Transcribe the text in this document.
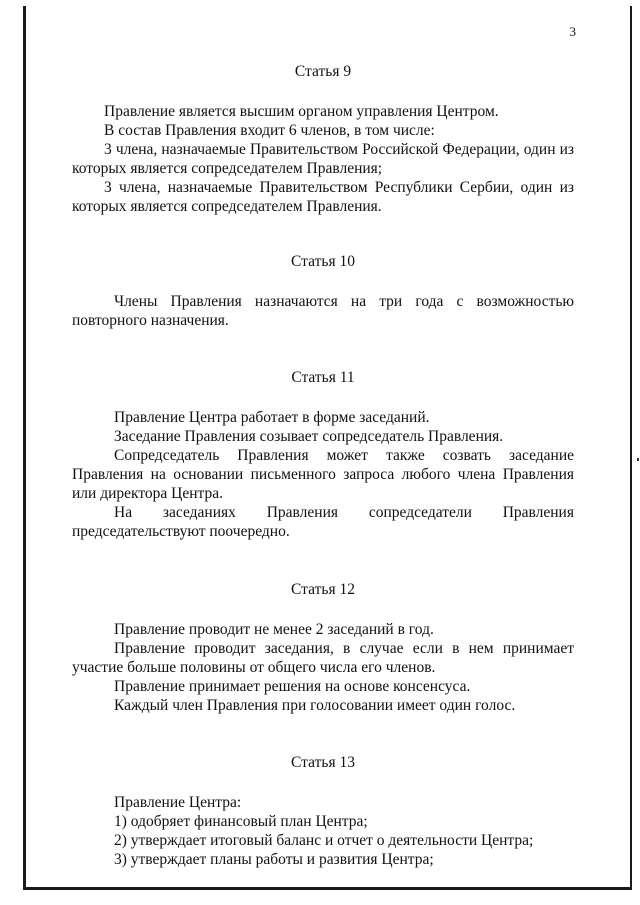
3
Статья 9

Правление является высшим органом управления Центром.

В состав Правления входит 6 членов, в том числе:

3 члена, назначаемые Правительством Российской Федерации, один из которых является сопредседателем Правления;

3 члена, назначаемые Правительством Республики Сербии, один из которых является сопредседателем Правления.

Статья 10

Члены Правления назначаются на три года с возможностью повторного назначения.

Статья 11

Правление Центра работает в форме заседаний.

Заседание Правления созывает сопредседатель Правления.

Сопредседатель Правления может также созвать заседание Правления на основании письменного запроса любого члена Правления или директора Центра.

На заседаниях Правления сопредседатели Правления председательствуют поочередно.

Статья 12

Правление проводит не менее 2 заседаний в год.

Правление проводит заседания, в случае если в нем принимает участие больше половины от общего числа его членов.

Правление принимает решения на основе консенсуса.

Каждый член Правления при голосовании имеет один голос.

Статья 13

Правление Центра:

1) одобряет финансовый план Центра;

2) утверждает итоговый баланс и отчет о деятельности Центра;

3) утверждает планы работы и развития Центра;
